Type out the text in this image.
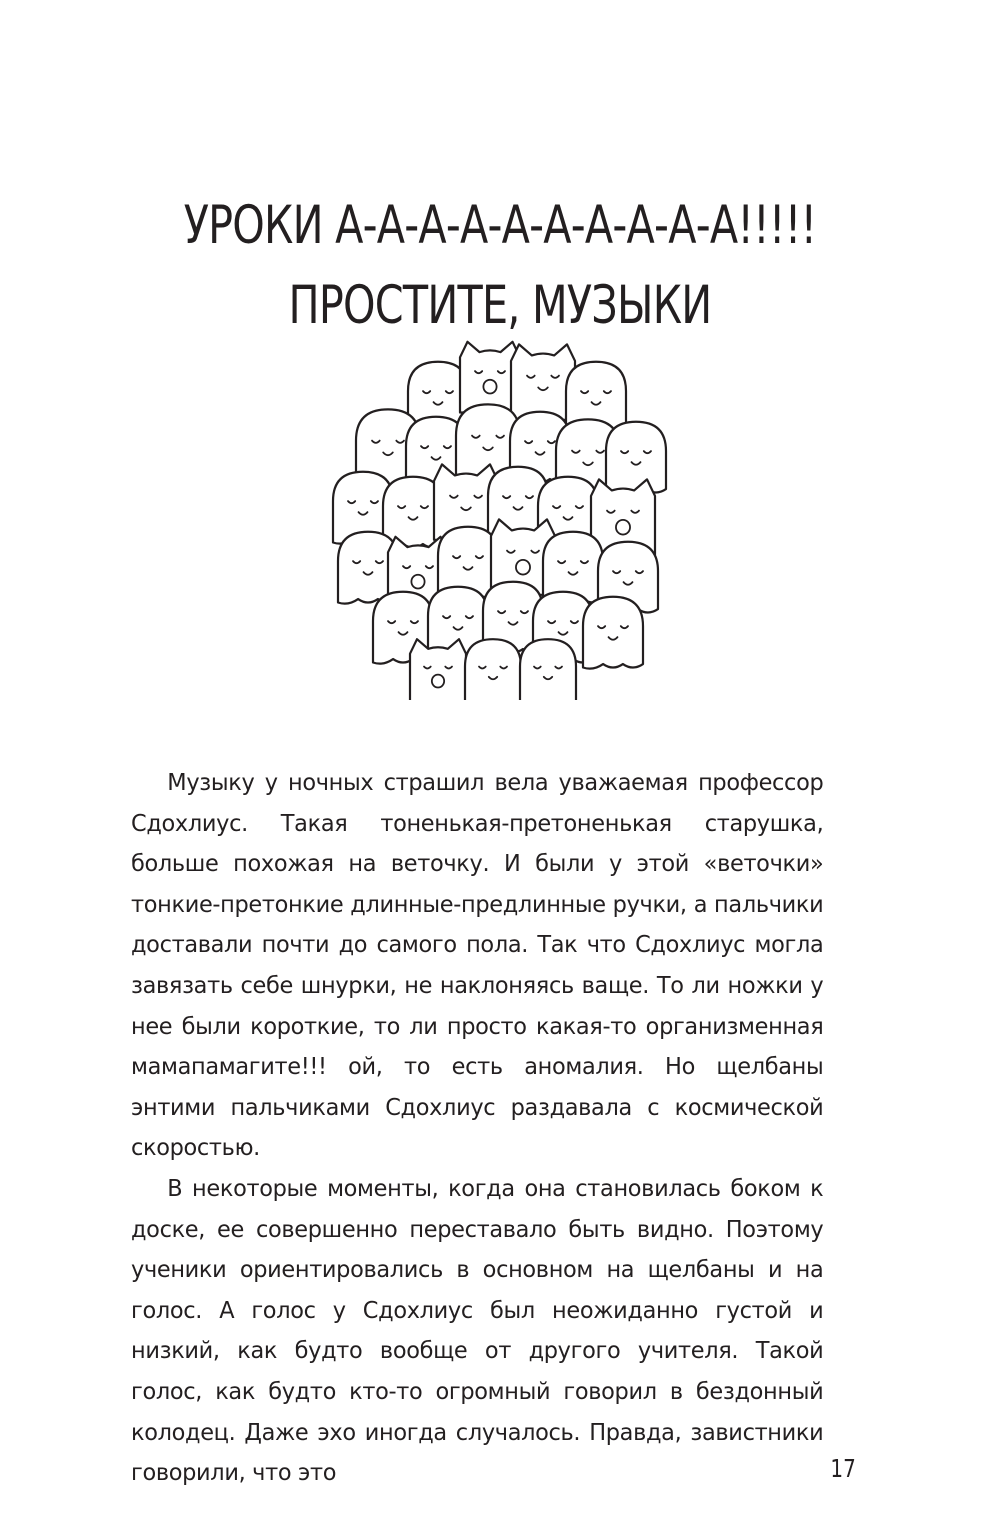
УРОКИ А-А-А-А-А-А-А-А-А-А!!!!!
ПРОСТИТЕ, МУЗЫКИ

Музыку у ночных страшил вела уважаемая профессор Сдохлиус. Такая тоненькая-претоненькая старушка, больше похожая на веточку. И были у этой «веточки» тонкие-претонкие длинные-предлинные ручки, а пальчики доставали почти до самого пола. Так что Сдохлиус могла завязать себе шнурки, не наклоняясь ваще. То ли ножки у нее были короткие, то ли просто какая-то организменная мамапамагите!!! ой, то есть аномалия. Но щелбаны энтими пальчиками Сдохлиус раздавала с космической скоростью.

В некоторые моменты, когда она становилась боком к доске, ее совершенно переставало быть видно. Поэтому ученики ориентировались в основном на щелбаны и на голос. А голос у Сдохлиус был неожиданно густой и низкий, как будто вообще от другого учителя. Такой голос, как будто кто-то огромный говорил в бездонный колодец. Даже эхо иногда случалось. Правда, завистники говорили, что это	17
